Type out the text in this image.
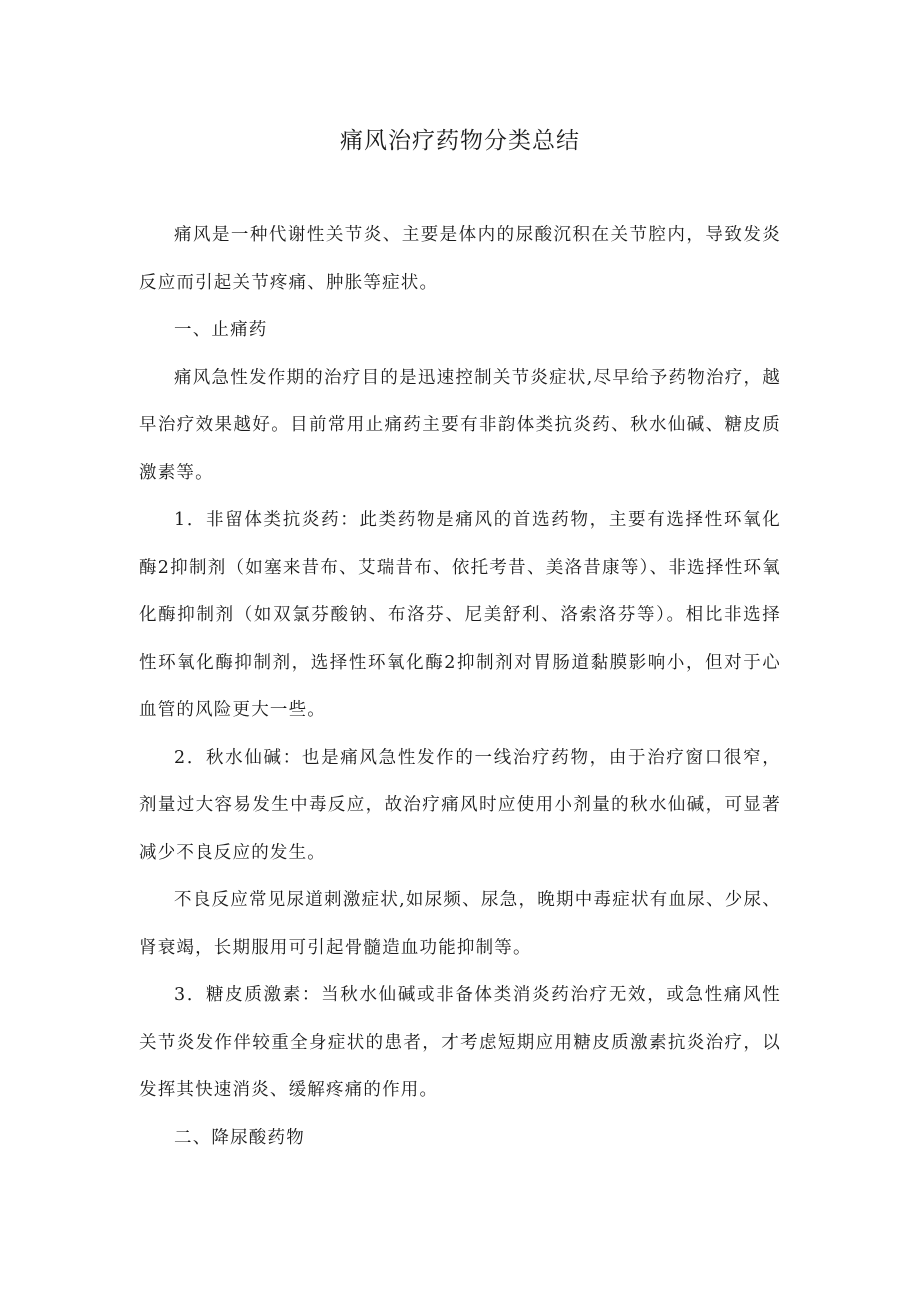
痛风治疗药物分类总结

痛风是一种代谢性关节炎、主要是体内的尿酸沉积在关节腔内，导致发炎反应而引起关节疼痛、肿胀等症状。

一、止痛药

痛风急性发作期的治疗目的是迅速控制关节炎症状,尽早给予药物治疗，越早治疗效果越好。目前常用止痛药主要有非韵体类抗炎药、秋水仙碱、糖皮质激素等。

1．非留体类抗炎药：此类药物是痛风的首选药物，主要有选择性环氧化酶2抑制剂（如塞来昔布、艾瑞昔布、依托考昔、美洛昔康等）、非选择性环氧化酶抑制剂（如双氯芬酸钠、布洛芬、尼美舒利、洛索洛芬等）。相比非选择性环氧化酶抑制剂，选择性环氧化酶2抑制剂对胃肠道黏膜影响小，但对于心血管的风险更大一些。

2．秋水仙碱：也是痛风急性发作的一线治疗药物，由于治疗窗口很窄，剂量过大容易发生中毒反应，故治疗痛风时应使用小剂量的秋水仙碱，可显著减少不良反应的发生。

不良反应常见尿道刺激症状,如尿频、尿急，晚期中毒症状有血尿、少尿、肾衰竭，长期服用可引起骨髓造血功能抑制等。

3．糖皮质激素：当秋水仙碱或非备体类消炎药治疗无效，或急性痛风性关节炎发作伴较重全身症状的患者，才考虑短期应用糖皮质激素抗炎治疗，以发挥其快速消炎、缓解疼痛的作用。

二、降尿酸药物
